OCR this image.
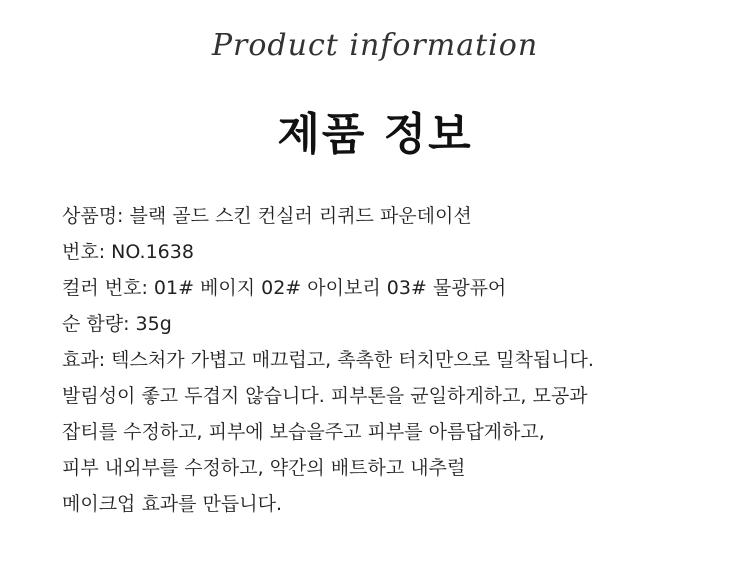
Product information
제품 정보
상품명: 블랙 골드 스킨 컨실러 리퀴드 파운데이션
번호: NO.1638
컬러 번호: 01# 베이지 02# 아이보리 03# 물광퓨어
순 함량: 35g
효과: 텍스처가 가볍고 매끄럽고, 촉촉한 터치만으로 밀착됩니다.
발림성이 좋고 두겹지 않습니다. 피부톤을 균일하게하고, 모공과
잡티를 수정하고, 피부에 보습을주고 피부를 아름답게하고,
피부 내외부를 수정하고, 약간의 배트하고 내추럴
메이크업 효과를 만듭니다.
